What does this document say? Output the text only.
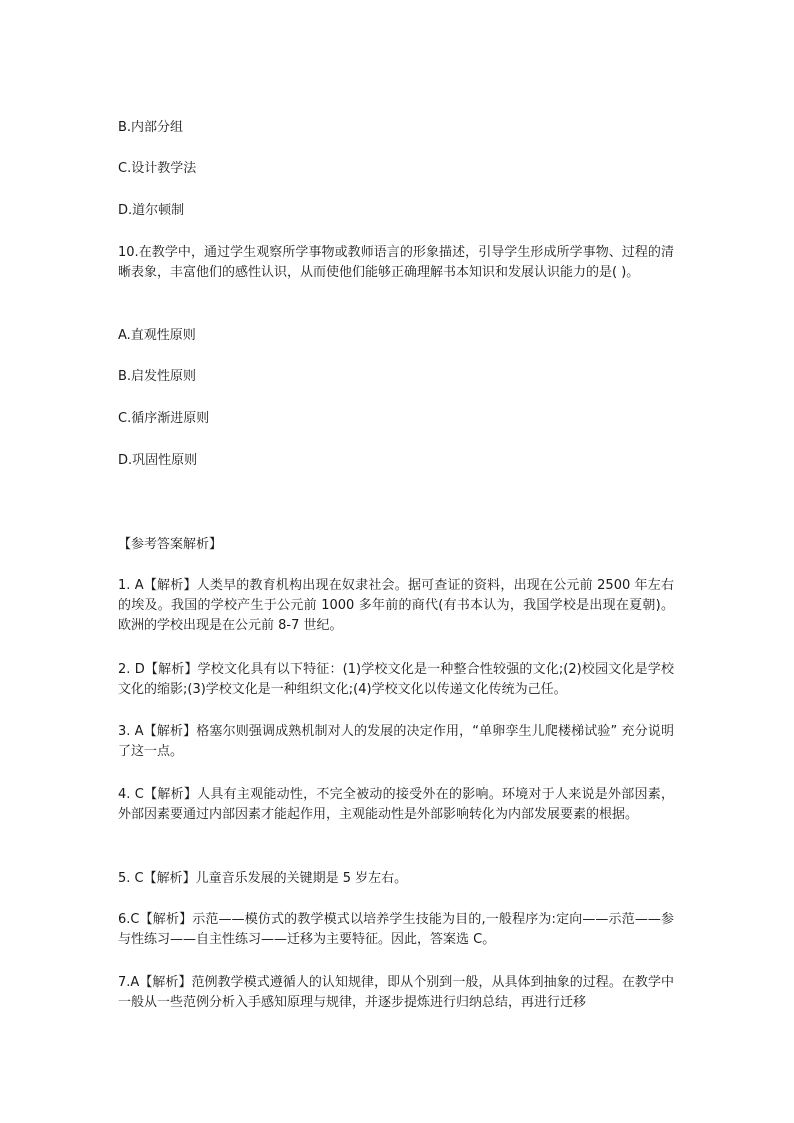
B.内部分组
C.设计教学法
D.道尔顿制
10.在教学中，通过学生观察所学事物或教师语言的形象描述，引导学生形成所学事物、过程的清晰表象，丰富他们的感性认识，从而使他们能够正确理解书本知识和发展认识能力的是( )。
A.直观性原则
B.启发性原则
C.循序渐进原则
D.巩固性原则
【参考答案解析】
1. A【解析】人类早的教育机构出现在奴隶社会。据可查证的资料，出现在公元前 2500 年左右的埃及。我国的学校产生于公元前 1000 多年前的商代(有书本认为，我国学校是出现在夏朝)。欧洲的学校出现是在公元前 8-7 世纪。
2. D【解析】学校文化具有以下特征：(1)学校文化是一种整合性较强的文化;(2)校园文化是学校文化的缩影;(3)学校文化是一种组织文化;(4)学校文化以传递文化传统为己任。
3. A【解析】格塞尔则强调成熟机制对人的发展的决定作用，“单卵孪生儿爬楼梯试验” 充分说明了这一点。
4. C【解析】人具有主观能动性，不完全被动的接受外在的影响。环境对于人来说是外部因素，外部因素要通过内部因素才能起作用，主观能动性是外部影响转化为内部发展要素的根据。
5. C【解析】儿童音乐发展的关键期是 5 岁左右。
6.C【解析】示范——模仿式的教学模式以培养学生技能为目的,一般程序为:定向——示范——参与性练习——自主性练习——迁移为主要特征。因此，答案选 C。
7.A【解析】范例教学模式遵循人的认知规律，即从个别到一般，从具体到抽象的过程。在教学中一般从一些范例分析入手感知原理与规律，并逐步提炼进行归纳总结，再进行迁移
